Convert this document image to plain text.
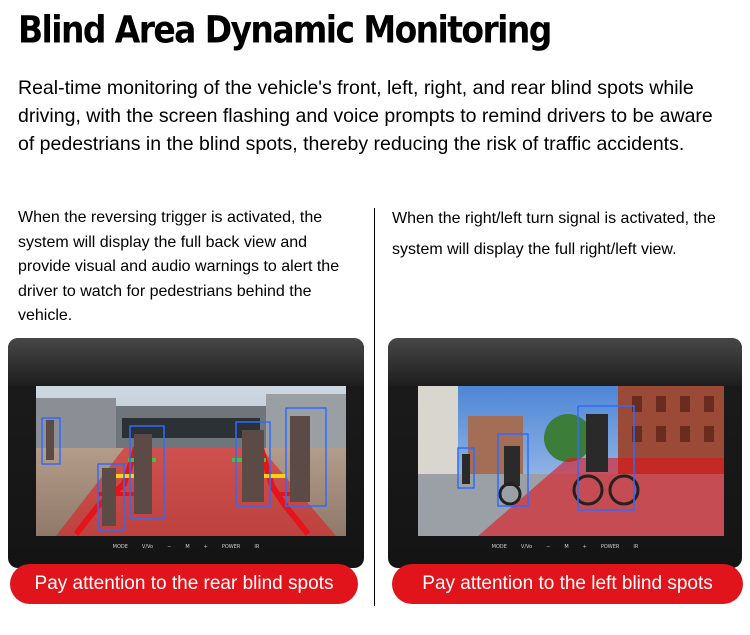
Blind Area Dynamic Monitoring
Real-time monitoring of the vehicle's front, left, right, and rear blind spots while driving, with the screen flashing and voice prompts to remind drivers to be aware of pedestrians in the blind spots, thereby reducing the risk of traffic accidents.
When the reversing trigger is activated, the system will display the full back view and provide visual and audio warnings to alert the driver to watch for pedestrians behind the vehicle.
When the right/left turn signal is activated, the system will display the full right/left view.
MODE	V/Vo	−	M	+	POWER	IR
Pay attention to the rear blind spots
MODE	V/Vo	−	M	+	POWER	IR
Pay attention to the left blind spots
